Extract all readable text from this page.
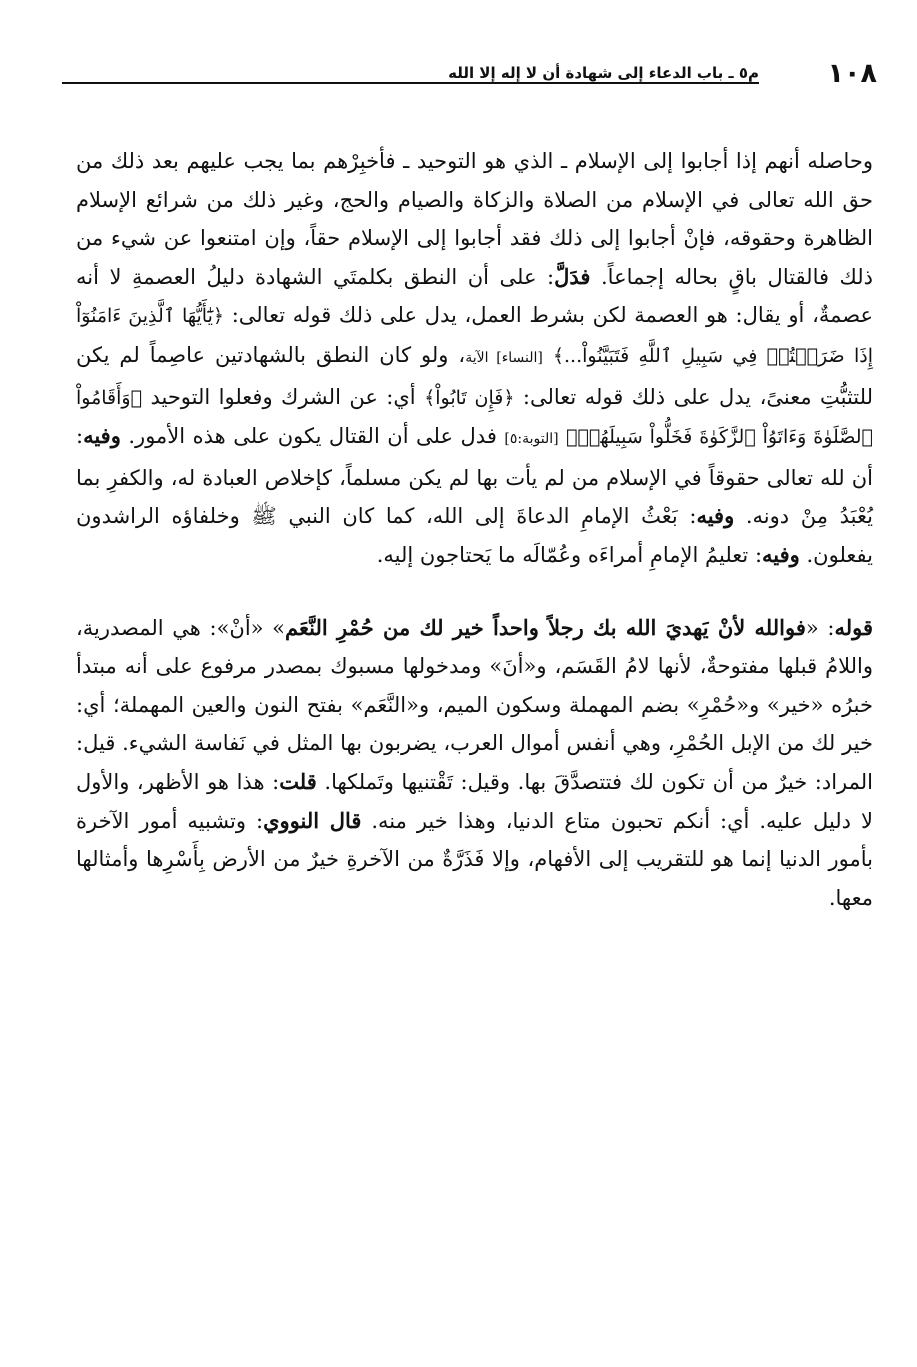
١٠٨
م٥ ـ باب الدعاء إلى شهادة أن لا إله إلا الله

وحاصله أنهم إذا أجابوا إلى الإسلام ـ الذي هو التوحيد ـ فأخبِرْهم بما يجب عليهم بعد ذلك من حق الله تعالى في الإسلام من الصلاة والزكاة والصيام والحج، وغير ذلك من شرائع الإسلام الظاهرة وحقوقه، فإنْ أجابوا إلى ذلك فقد أجابوا إلى الإسلام حقاً، وإن امتنعوا عن شيء من ذلك فالقتال باقٍ بحاله إجماعاً. فدَلَّ: على أن النطق بكلمتَي الشهادة دليلُ العصمةِ لا أنه عصمةٌ، أو يقال: هو العصمة لكن بشرط العمل، يدل على ذلك قوله تعالى: ﴿يَٰٓأَيُّهَا ٱلَّذِينَ ءَامَنُوٓاْ إِذَا ضَرَبۡتُمۡ فِي سَبِيلِ ٱللَّهِ فَتَبَيَّنُواْ...﴾ [النساء] الآية، ولو كان النطق بالشهادتين عاصِماً لم يكن للتثبُّتِ معنىً، يدل على ذلك قوله تعالى: ﴿فَإِن تَابُواْ﴾ أي: عن الشرك وفعلوا التوحيد ﴿وَأَقَامُواْ ٱلصَّلَوٰةَ وَءَاتَوُاْ ٱلزَّكَوٰةَ فَخَلُّواْ سَبِيلَهُمۡ﴾ [التوبة:٥] فدل على أن القتال يكون على هذه الأمور. وفيه: أن لله تعالى حقوقاً في الإسلام من لم يأت بها لم يكن مسلماً، كإخلاص العبادة له، والكفرِ بما يُعْبَدُ مِنْ دونه. وفيه: بَعْثُ الإمامِ الدعاةَ إلى الله، كما كان النبي ﷺ وخلفاؤه الراشدون يفعلون. وفيه: تعليمُ الإمامِ أمراءَه وعُمّالَه ما يَحتاجون إليه.

قوله: «فوالله لأنْ يَهديَ الله بك رجلاً واحداً خير لك من حُمْرِ النَّعَم» «أنْ»: هي المصدرية، واللامُ قبلها مفتوحةٌ، لأنها لامُ القَسَم، و«أنَ» ومدخولها مسبوك بمصدر مرفوع على أنه مبتدأ خبرُه «خير» و«حُمْرِ» بضم المهملة وسكون الميم، و«النَّعَم» بفتح النون والعين المهملة؛ أي: خير لك من الإبل الحُمْرِ، وهي أنفس أموال العرب، يضربون بها المثل في نَفاسة الشيء. قيل: المراد: خيرٌ من أن تكون لك فتتصدَّقَ بها. وقيل: تَقْتنيها وتَملكها. قلت: هذا هو الأظهر، والأول لا دليل عليه. أي: أنكم تحبون متاع الدنيا، وهذا خير منه. قال النووي: وتشبيه أمور الآخرة بأمور الدنيا إنما هو للتقريب إلى الأفهام، وإلا فَذَرَّةٌ من الآخرةِ خيرٌ من الأرض بِأَسْرِها وأمثالها معها.
